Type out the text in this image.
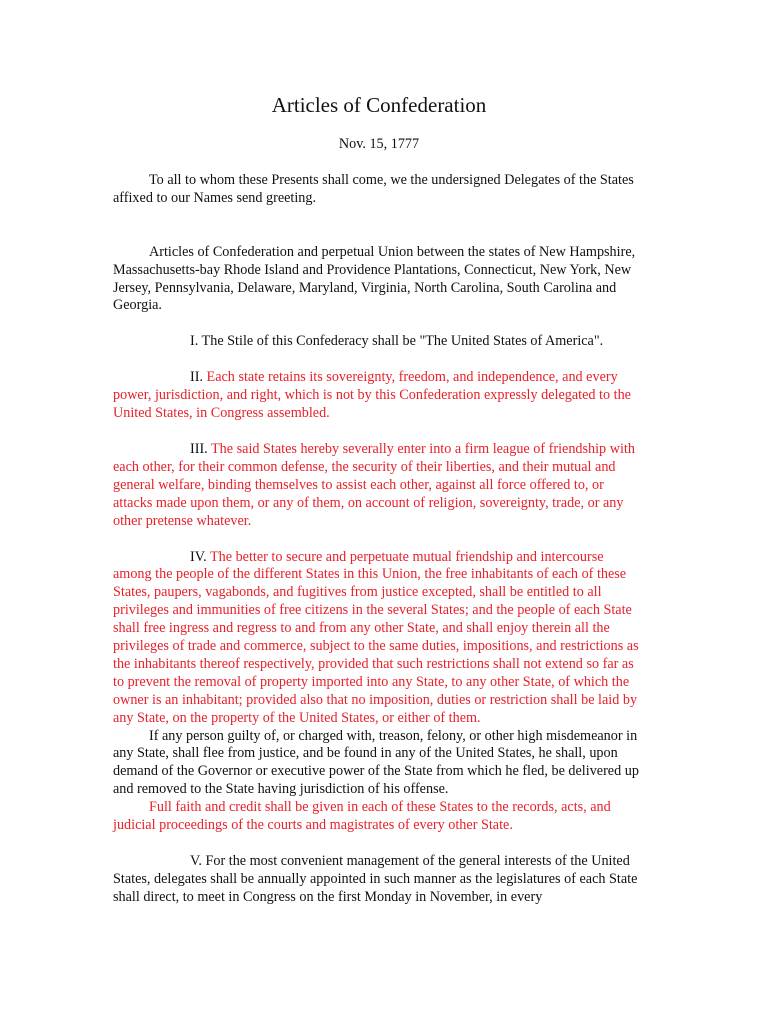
Articles of Confederation

Nov. 15, 1777

To all to whom these Presents shall come, we the undersigned Delegates of the States affixed to our Names send greeting.

Articles of Confederation and perpetual Union between the states of New Hampshire, Massachusetts-bay Rhode Island and Providence Plantations, Connecticut, New York, New Jersey, Pennsylvania, Delaware, Maryland, Virginia, North Carolina, South Carolina and Georgia.

I. The Stile of this Confederacy shall be "The United States of America".

II. Each state retains its sovereignty, freedom, and independence, and every power, jurisdiction, and right, which is not by this Confederation expressly delegated to the United States, in Congress assembled.

III. The said States hereby severally enter into a firm league of friendship with each other, for their common defense, the security of their liberties, and their mutual and general welfare, binding themselves to assist each other, against all force offered to, or attacks made upon them, or any of them, on account of religion, sovereignty, trade, or any other pretense whatever.

IV. The better to secure and perpetuate mutual friendship and intercourse among the people of the different States in this Union, the free inhabitants of each of these States, paupers, vagabonds, and fugitives from justice excepted, shall be entitled to all privileges and immunities of free citizens in the several States; and the people of each State shall free ingress and regress to and from any other State, and shall enjoy therein all the privileges of trade and commerce, subject to the same duties, impositions, and restrictions as the inhabitants thereof respectively, provided that such restrictions shall not extend so far as to prevent the removal of property imported into any State, to any other State, of which the owner is an inhabitant; provided also that no imposition, duties or restriction shall be laid by any State, on the property of the United States, or either of them.

If any person guilty of, or charged with, treason, felony, or other high misdemeanor in any State, shall flee from justice, and be found in any of the United States, he shall, upon demand of the Governor or executive power of the State from which he fled, be delivered up and removed to the State having jurisdiction of his offense.

Full faith and credit shall be given in each of these States to the records, acts, and judicial proceedings of the courts and magistrates of every other State.

V. For the most convenient management of the general interests of the United States, delegates shall be annually appointed in such manner as the legislatures of each State shall direct, to meet in Congress on the first Monday in November, in every
